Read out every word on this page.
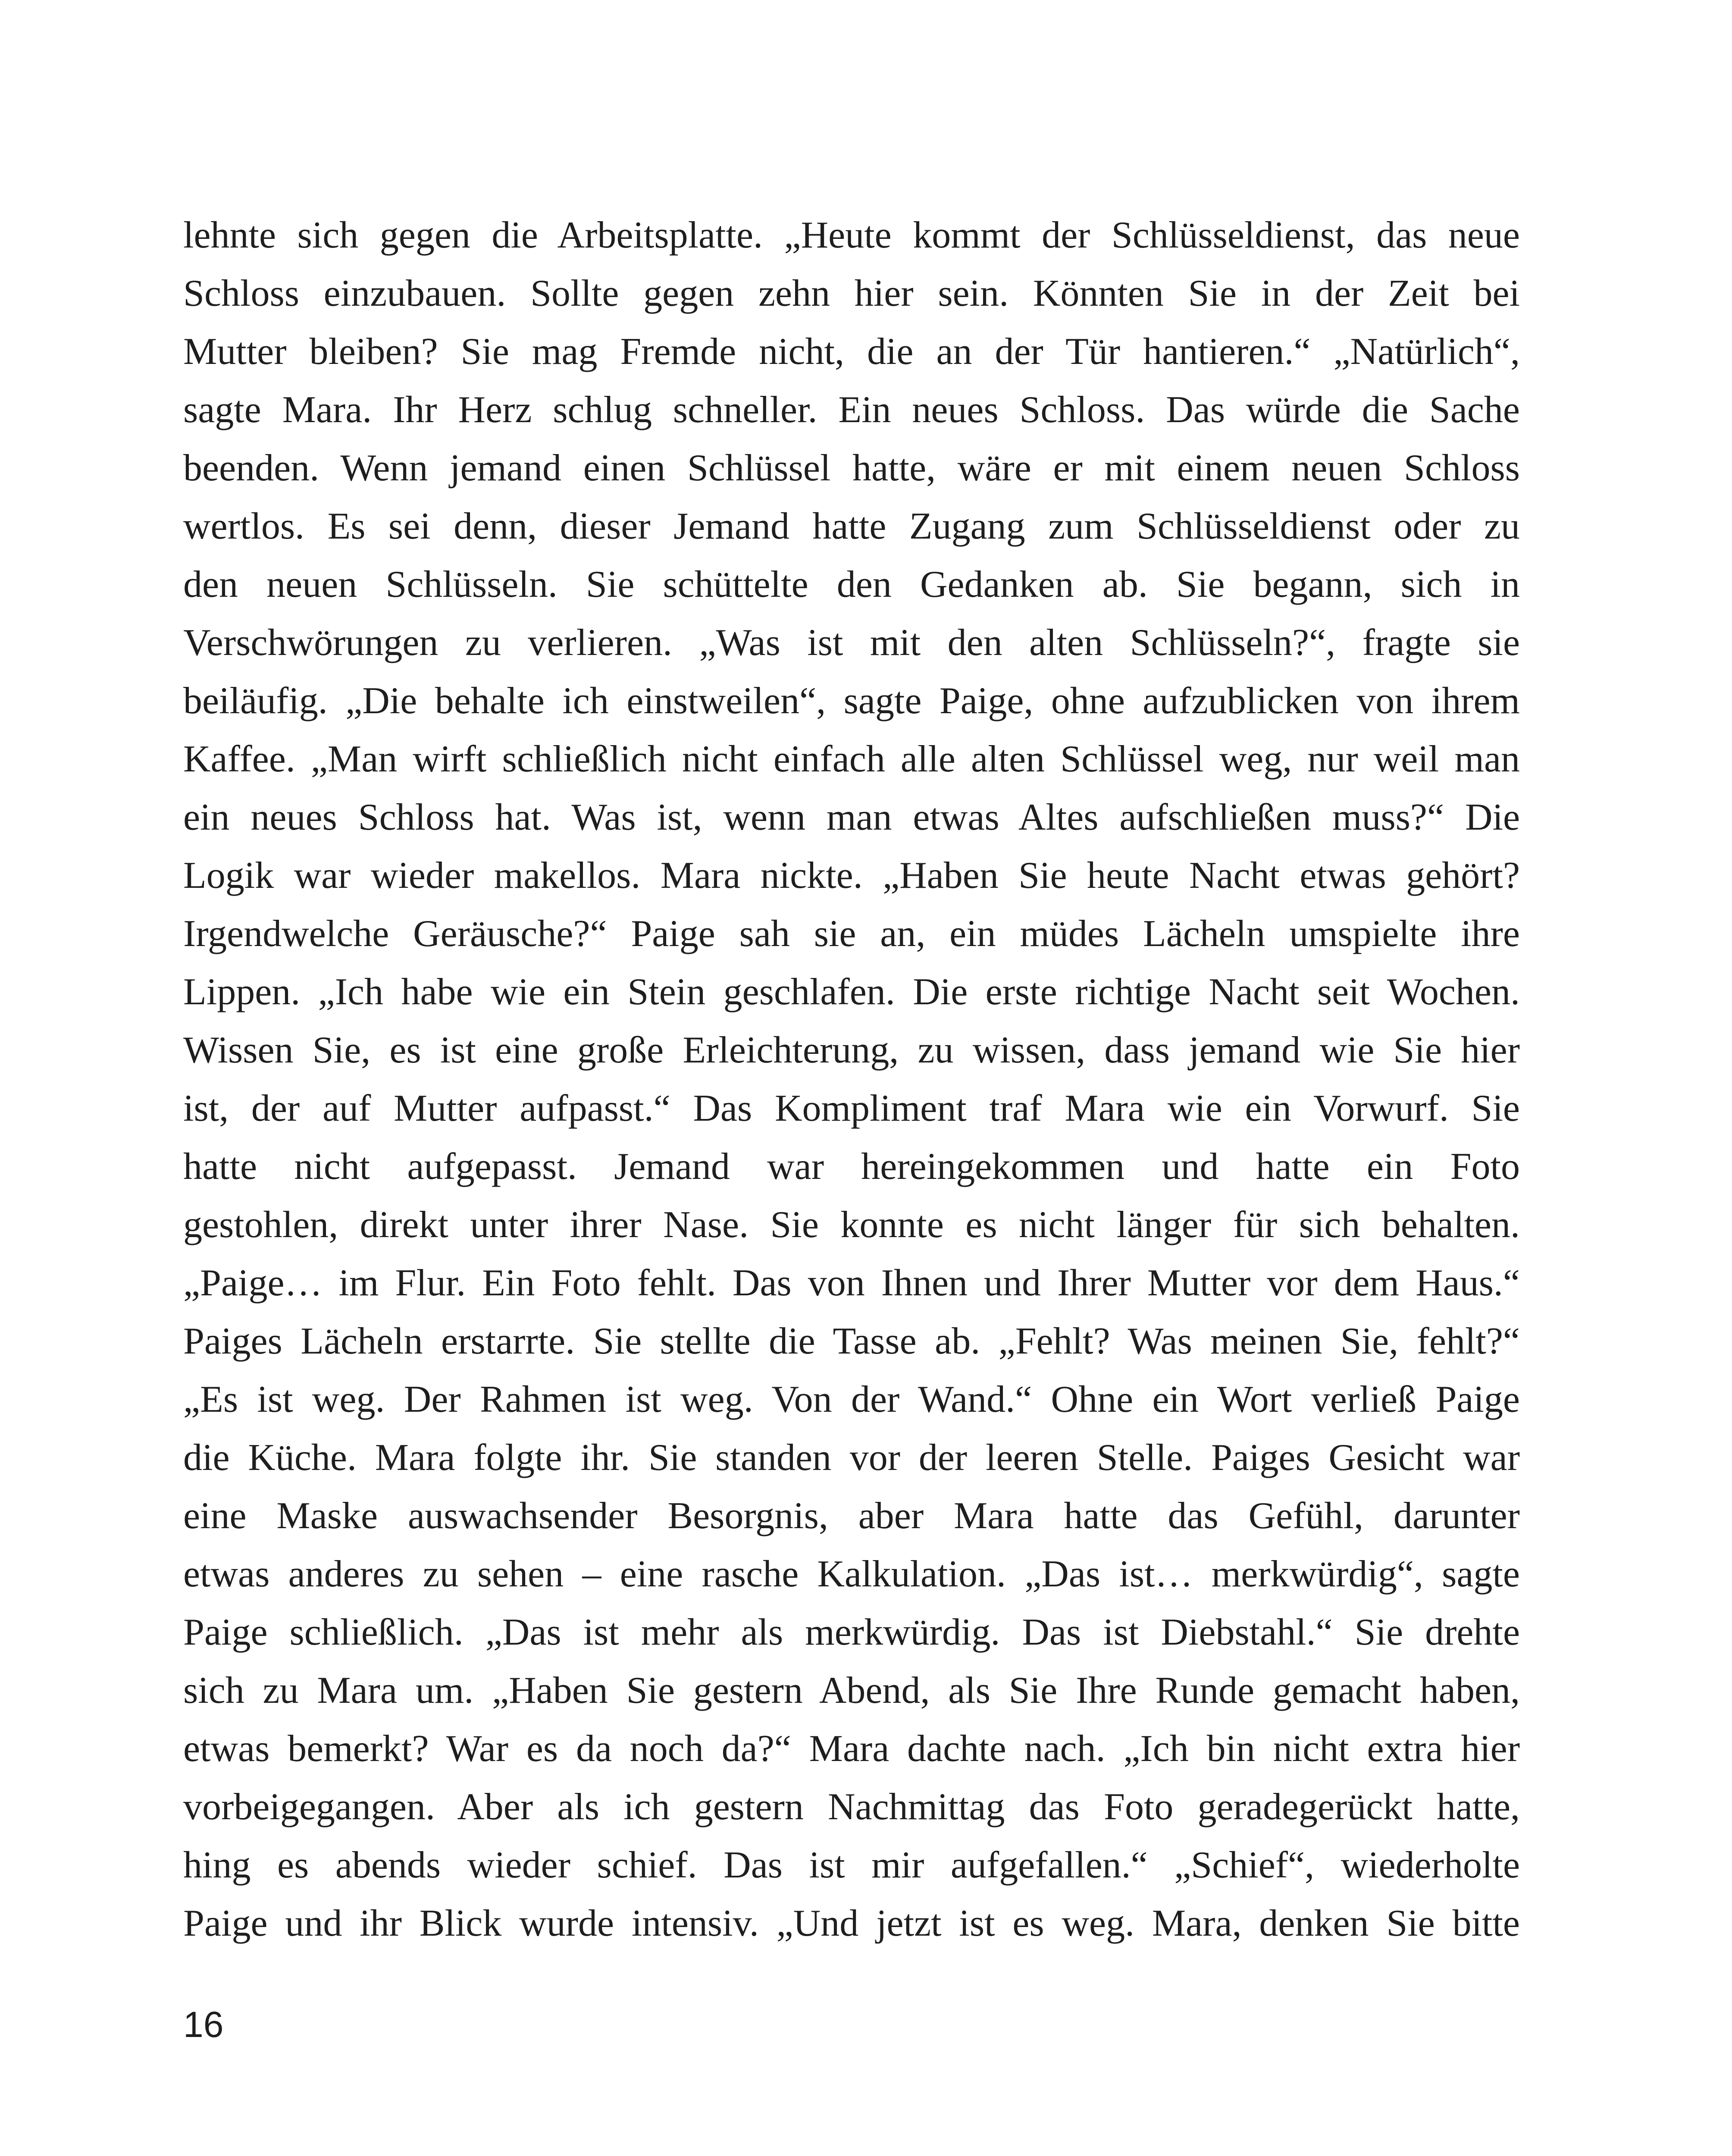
lehnte sich gegen die Arbeitsplatte. „Heute kommt der Schlüsseldienst, das neue
Schloss einzubauen. Sollte gegen zehn hier sein. Könnten Sie in der Zeit bei
Mutter bleiben? Sie mag Fremde nicht, die an der Tür hantieren.“ „Natürlich“,
sagte Mara. Ihr Herz schlug schneller. Ein neues Schloss. Das würde die Sache
beenden. Wenn jemand einen Schlüssel hatte, wäre er mit einem neuen Schloss
wertlos. Es sei denn, dieser Jemand hatte Zugang zum Schlüsseldienst oder zu
den neuen Schlüsseln. Sie schüttelte den Gedanken ab. Sie begann, sich in
Verschwörungen zu verlieren. „Was ist mit den alten Schlüsseln?“, fragte sie
beiläufig. „Die behalte ich einstweilen“, sagte Paige, ohne aufzublicken von ihrem
Kaffee. „Man wirft schließlich nicht einfach alle alten Schlüssel weg, nur weil man
ein neues Schloss hat. Was ist, wenn man etwas Altes aufschließen muss?“ Die
Logik war wieder makellos. Mara nickte. „Haben Sie heute Nacht etwas gehört?
Irgendwelche Geräusche?“ Paige sah sie an, ein müdes Lächeln umspielte ihre
Lippen. „Ich habe wie ein Stein geschlafen. Die erste richtige Nacht seit Wochen.
Wissen Sie, es ist eine große Erleichterung, zu wissen, dass jemand wie Sie hier
ist, der auf Mutter aufpasst.“ Das Kompliment traf Mara wie ein Vorwurf. Sie
hatte nicht aufgepasst. Jemand war hereingekommen und hatte ein Foto
gestohlen, direkt unter ihrer Nase. Sie konnte es nicht länger für sich behalten.
„Paige… im Flur. Ein Foto fehlt. Das von Ihnen und Ihrer Mutter vor dem Haus.“
Paiges Lächeln erstarrte. Sie stellte die Tasse ab. „Fehlt? Was meinen Sie, fehlt?“
„Es ist weg. Der Rahmen ist weg. Von der Wand.“ Ohne ein Wort verließ Paige
die Küche. Mara folgte ihr. Sie standen vor der leeren Stelle. Paiges Gesicht war
eine Maske auswachsender Besorgnis, aber Mara hatte das Gefühl, darunter
etwas anderes zu sehen – eine rasche Kalkulation. „Das ist… merkwürdig“, sagte
Paige schließlich. „Das ist mehr als merkwürdig. Das ist Diebstahl.“ Sie drehte
sich zu Mara um. „Haben Sie gestern Abend, als Sie Ihre Runde gemacht haben,
etwas bemerkt? War es da noch da?“ Mara dachte nach. „Ich bin nicht extra hier
vorbeigegangen. Aber als ich gestern Nachmittag das Foto geradegerückt hatte,
hing es abends wieder schief. Das ist mir aufgefallen.“ „Schief“, wiederholte
Paige und ihr Blick wurde intensiv. „Und jetzt ist es weg. Mara, denken Sie bitte
16
